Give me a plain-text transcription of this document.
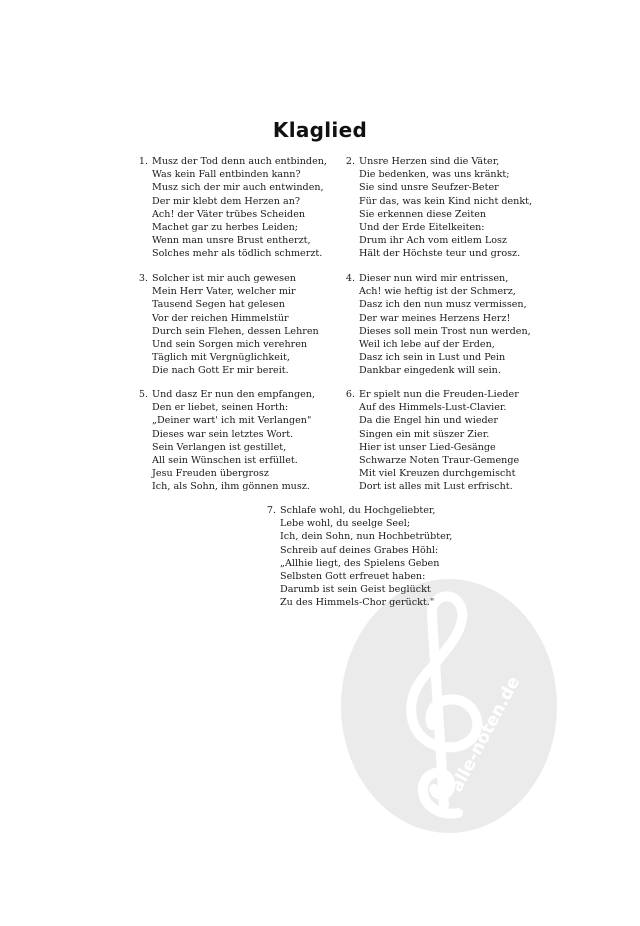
alle-noten.de
Klaglied
1. Musz der Tod denn auch entbinden,
Was kein Fall entbinden kann?
Musz sich der mir auch entwinden,
Der mir klebt dem Herzen an?
Ach! der Väter trübes Scheiden
Machet gar zu herbes Leiden;
Wenn man unsre Brust entherzt,
Solches mehr als tödlich schmerzt.
2. Unsre Herzen sind die Väter,
Die bedenken, was uns kränkt;
Sie sind unsre Seufzer-Beter
Für das, was kein Kind nicht denkt,
Sie erkennen diese Zeiten
Und der Erde Eitelkeiten:
Drum ihr Ach vom eitlem Losz
Hält der Höchste teur und grosz.
3. Solcher ist mir auch gewesen
Mein Herr Vater, welcher mir
Tausend Segen hat gelesen
Vor der reichen Himmelstür
Durch sein Flehen, dessen Lehren
Und sein Sorgen mich verehren
Täglich mit Vergnüglichkeit,
Die nach Gott Er mir bereit.
4. Dieser nun wird mir entrissen,
Ach! wie heftig ist der Schmerz,
Dasz ich den nun musz vermissen,
Der war meines Herzens Herz!
Dieses soll mein Trost nun werden,
Weil ich lebe auf der Erden,
Dasz ich sein in Lust und Pein
Dankbar eingedenk will sein.
5. Und dasz Er nun den empfangen,
Den er liebet, seinen Horth:
„Deiner wart' ich mit Verlangen"
Dieses war sein letztes Wort.
Sein Verlangen ist gestillet,
All sein Wünschen ist erfüllet.
Jesu Freuden übergrosz
Ich, als Sohn, ihm gönnen musz.
6. Er spielt nun die Freuden-Lieder
Auf des Himmels-Lust-Clavier.
Da die Engel hin und wieder
Singen ein mit süszer Zier.
Hier ist unser Lied-Gesänge
Schwarze Noten Traur-Gemenge
Mit viel Kreuzen durchgemischt
Dort ist alles mit Lust erfrischt.
7. Schlafe wohl, du Hochgeliebter,
Lebe wohl, du seelge Seel;
Ich, dein Sohn, nun Hochbetrübter,
Schreib auf deines Grabes Höhl:
„Allhie liegt, des Spielens Geben
Selbsten Gott erfreuet haben:
Darumb ist sein Geist beglückt
Zu des Himmels-Chor gerückt."
